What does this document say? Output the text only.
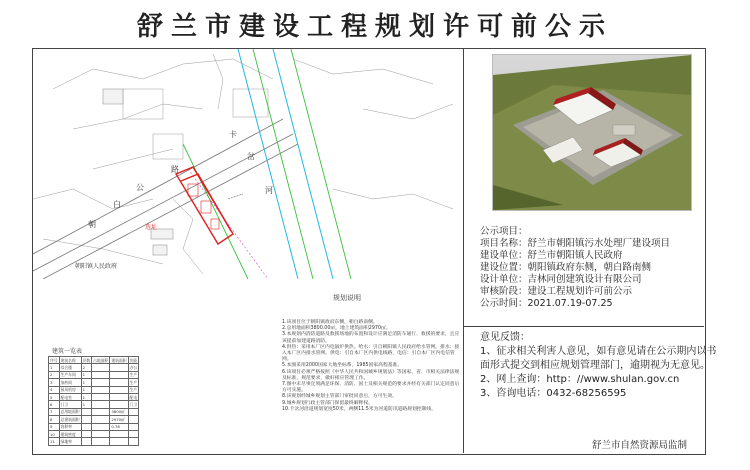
舒兰市建设工程规划许可前公示
路
卡
公
岔
河
白
朝
朝阳镇人民政府
选址
规划说明
1.该项目位于朝阳镇政府东侧，朝白路南侧。
2.总用地面积3800.00㎡，地上建筑面积2970㎡。
3.本规划内消防道路及救援场地的布置和设计应满足消防车通行、救援的要求，且应该提前加建道路消防。
4.供热：采用本厂区内电锅炉供热。给水：引自朝阳镇人民政府给水管网。排水：接入本厂区内排水管网。供电：引自本厂区内供电线路，电信：引自本厂区内电信管网。
5.本图采用2000国家大地坐标系，1985国家高程基准。
6.该项目必须严格按照《中华人民共和国城乡规划法》等国家、省、市相关法律法规及标准，规范要求，做好相应管理工作。
7.图中未尽事宜须满足环保、消防、国土及相关规范的要求并经有关部门认定同意后方可实施。
8.该规划经城乡规划主管部门审批同意后，方可生效。
9.城乡规划行政主管部门保留最终解释权。
10.卡岔河沿道规划宽度50米，两侧11.5米为河道防汛道路规划控制线。
建筑一览表
序号	建筑名称	层数	占地面积	建筑面积	功能
1	综合楼	2			办公
2	生产车间	1			生产
3	加药间	1			生产
4	鼓风机房	1			生产
5	配电室	1			配电
6	门卫	1			门卫
7	总用地面积			3800㎡	
8	总建筑面积			2970㎡	
9	容积率			0.78	
10	建筑密度				
11	绿地率				
公示项目：
项目名称：舒兰市朝阳镇污水处理厂建设项目
建设单位：舒兰市朝阳镇人民政府
建设位置：朝阳镇政府东侧，朝白路南侧
设计单位：吉林同创建筑设计有限公司
审核阶段：建设工程规划许可前公示
公示时间：2021.07.19-07.25
意见反馈：
1、征求相关利害人意见，如有意见请在公示期内以书
面形式提交到相应规划管理部门，逾期视为无意见。
2、网上查询：http：//www.shulan.gov.cn
3、咨询电话：0432-68256595
舒兰市自然资源局监制
